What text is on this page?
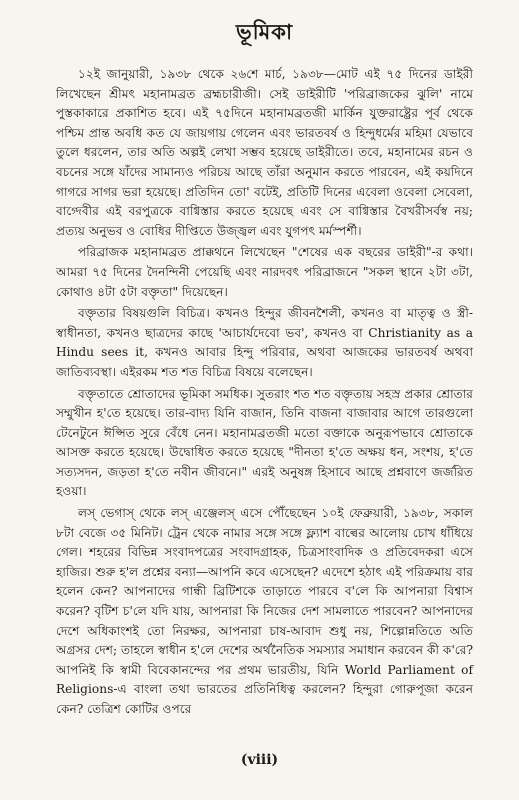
ভূমিকা

১২ই জানুয়ারী, ১৯৩৮ থেকে ২৬শে মার্চ, ১৯৩৮—মোট এই ৭৫ দিনের ডাইরী লিখেছেন শ্রীমৎ মহানামব্রত ব্রহ্মচারীজী। সেই ডাইরীটি 'পরিব্রাজকের ঝুলি' নামে পুস্তকাকারে প্রকাশিত হবে। এই ৭৫দিনে মহানামব্রতজী মার্কিন যুক্তরাষ্ট্রের পূর্ব থেকে পশ্চিম প্রান্ত অবধি কত যে জায়গায় গেলেন এবং ভারতবর্ষ ও হিন্দুধর্মের মহিমা যেভাবে তুলে ধরলেন, তার অতি অল্পই লেখা সম্ভব হয়েছে ডাইরীতে। তবে, মহানামের রচন ও বচনের সঙ্গে যাঁদের সামান্যও পরিচয় আছে তাঁরা অনুমান করতে পারবেন, এই কয়দিনে গাগরে সাগর ভরা হয়েছে। প্রতিদিন তো' বটেই, প্রতিটি দিনের এবেলা ওবেলা সেবেলা, বাগ্দেবীর এই বরপুত্রকে বাগ্বিস্তার করতে হয়েছে এবং সে বাগ্বিস্তার বৈখরীসর্বস্ব নয়; প্রত্যয় অনুভব ও বোধির দীপ্তিতে উজ্জ্বল এবং যুগপৎ মর্মস্পর্শী।

পরিব্রাজক মহানামব্রত প্রাক্কথনে লিখেছেন "শেষের এক বছরের ডাইরী"-র কথা। আমরা ৭৫ দিনের দৈনন্দিনী পেয়েছি এবং নারদবৎ পরিব্রাজনে "সকল স্থানে ২টা ৩টা, কোথাও ৪টা ৫টা বক্তৃতা" দিয়েছেন।

বক্তৃতার বিষয়গুলি বিচিত্র। কখনও হিন্দুর জীবনশৈলী, কখনও বা মাতৃত্ব ও স্ত্রী-স্বাধীনতা, কখনও ছাত্রদের কাছে 'আচার্যদেবো ভব', কখনও বা Christianity as a Hindu sees it, কখনও আবার হিন্দু পরিবার, অথবা আজকের ভারতবর্ষ অথবা জাতিব্যবস্থা। এইরকম শত শত বিচিত্র বিষয়ে বলেছেন।

বক্তৃতাতে শ্রোতাদের ভূমিকা সমধিক। সুতরাং শত শত বক্তৃতায় সহস্র প্রকার শ্রোতার সম্মুখীন হ'তে হয়েছে। তার-বাদ্য যিনি বাজান, তিনি বাজনা বাজাবার আগে তারগুলো টেনেটুনে ঈপ্সিত সুরে বেঁধে নেন। মহানামব্রতজী মতো বক্তাকে অনুরূপভাবে শ্রোতাকে আসক্ত করতে হয়েছে। উদ্বোধিত করতে হয়েছে "দীনতা হ'তে অক্ষয় ধন, সংশয়, হ'তে সত্যসদন, জড়তা হ'তে নবীন জীবনে।" এরই অনুষঙ্গ হিসাবে আছে প্রশ্নবাণে জর্জরিত হওয়া।

লস্ ভেগাস্ থেকে লস্ এঞ্জেলস্ এসে পৌঁছেছেন ১০ই ফেব্রুয়ারী, ১৯৩৮, সকাল ৮টা বেজে ৩৫ মিনিট। ট্রেন থেকে নামার সঙ্গে সঙ্গে ফ্ল্যাশ বাল্বের আলোয় চোখ ধাঁধিয়ে গেল। শহরের বিভিন্ন সংবাদপত্রের সংবাদগ্রাহক, চিত্রসাংবাদিক ও প্রতিবেদকরা এসে হাজির। শুরু হ'ল প্রশ্নের বন্যা—আপনি কবে এসেছেন? এদেশে হঠাৎ এই পরিক্রমায় বার হলেন কেন? আপনাদের গান্ধী ব্রিটিশকে তাড়াতে পারবে ব'লে কি আপনারা বিশ্বাস করেন? বৃটিশ চ'লে যদি যায়, আপনারা কি নিজের দেশ সামলাতে পারবেন? আপনাদের দেশে অধিকাংশই তো নিরক্ষর, আপনারা চাষ-আবাদ শুধু নয়, শিল্পোন্নতিতে অতি অগ্রসর দেশ; তাহলে স্বাধীন হ'লে দেশের অর্থনৈতিক সমস্যার সমাধান করবেন কী ক'রে? আপনিই কি স্বামী বিবেকানন্দের পর প্রথম ভারতীয়, যিনি World Parliament of Religions-এ বাংলা তথা ভারতের প্রতিনিধিত্ব করলেন? হিন্দুরা গোরুপূজা করেন কেন? তেত্রিশ কোটির ওপরে

(viii)
